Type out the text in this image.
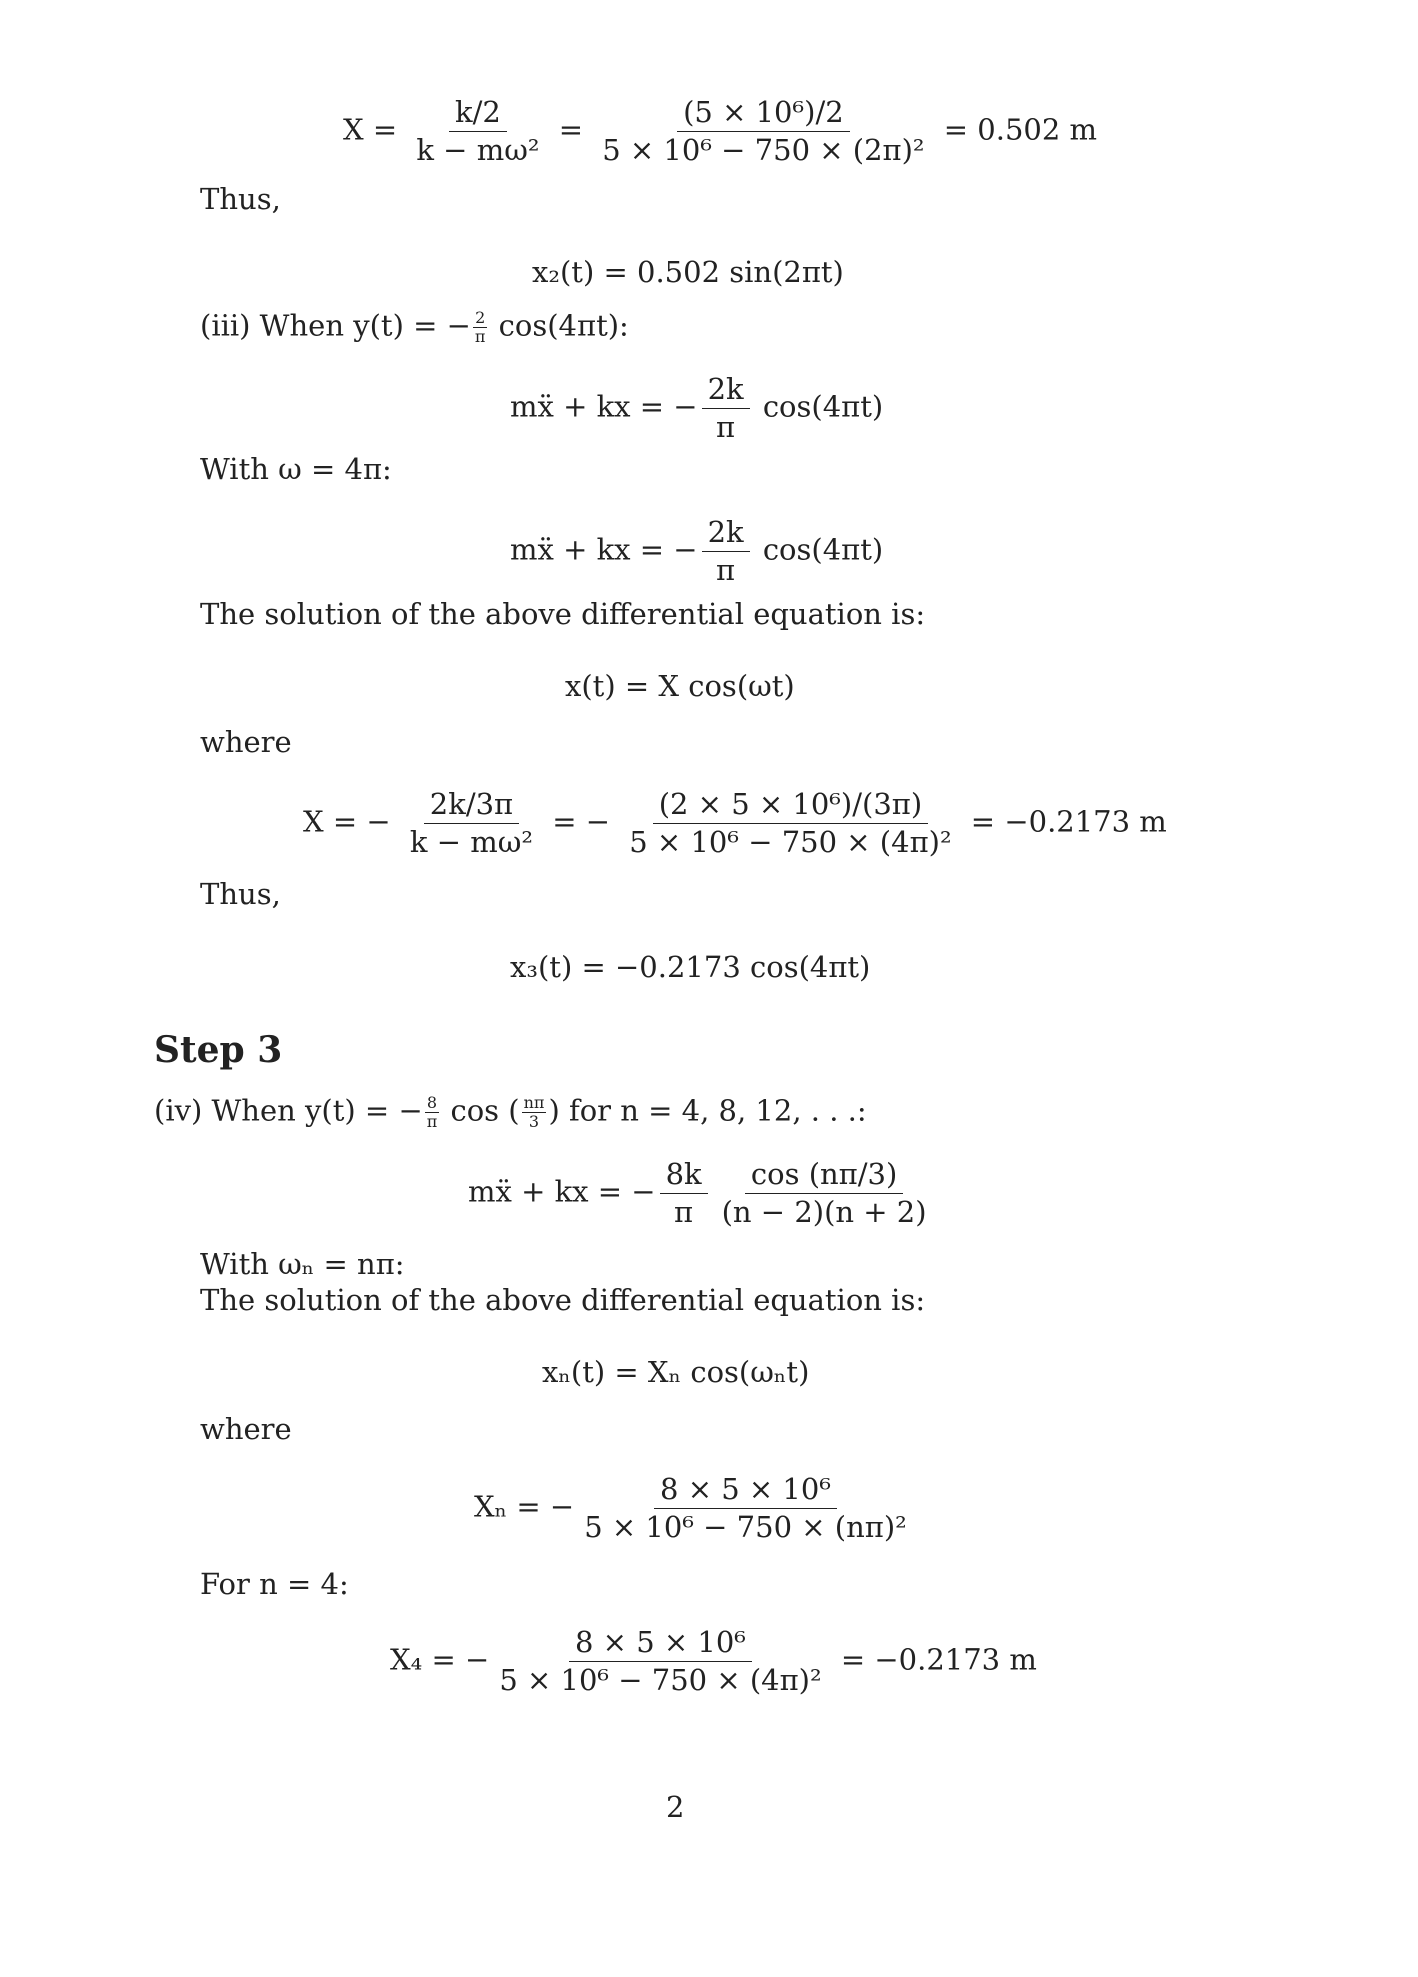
$X = \frac{k/2}{\text{k − mω²}} = \frac{\text{(5 × 10⁶)/2}}{\text{5 × 10⁶ − 750 × (2π)²}} = 0.502$ m
Thus,
x₂(t) = 0.502 sin(2πt)
(iii) When y(t) = − $\frac{2}{\pi} \cos(4\pi t)$:
mẍ + kx = − $\frac{2k}{\pi} \cos(4\pi t)$
With ω = 4π:
mẍ + kx = − $\frac{2k}{\pi} \cos(4\pi t)$
The solution of the above differential equation is:
x(t) = X cos(ωt)
where
X = − $\frac{2k/3\pi}{\text{k − mω²}}$ = − $\frac{\text{(2 × 5 × 10⁶)/(3π)}}{\text{5 × 10⁶ − 750 × (4π)²}} = -0.2173$ m
Thus,
x₃(t) = −0.2173 cos(4πt)
Step 3
(iv) When y(t) = − $\frac{8}{\pi}$ cos ( $\frac{n\pi}{3}$ ) for n = 4, 8, 12, . . .:
mẍ + kx = − $\frac{8k}{\pi} \frac{\cos (n\pi/3)}{(n - 2)(n + 2)}$
With ωₙ = nπ:
The solution of the above differential equation is:
xₙ(t) = Xₙ cos(ωₙt)
where
Xₙ = − $\frac{\text{8 × 5 × 10⁶}}{\text{5 × 10⁶ − 750 × (nπ)²}}$
For n = 4:
X₄ = − $\frac{\text{8 × 5 × 10⁶}}{\text{5 × 10⁶ − 750 × (4π)²}} = -0.2173$ m
2
